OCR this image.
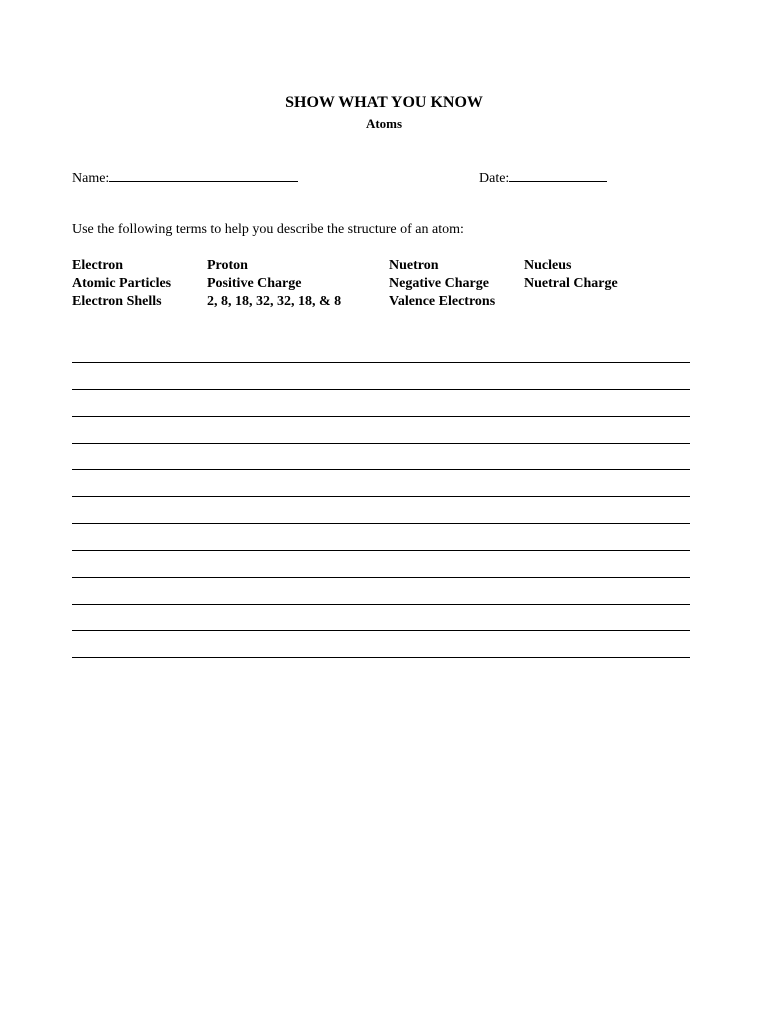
SHOW WHAT YOU KNOW
Atoms
Name:	Date:

Use the following terms to help you describe the structure of an atom:

Electron	Proton	Nuetron	Nucleus
Atomic Particles	Positive Charge	Negative Charge	Nuetral Charge
Electron Shells	2, 8, 18, 32, 32, 18, & 8	Valence Electrons
